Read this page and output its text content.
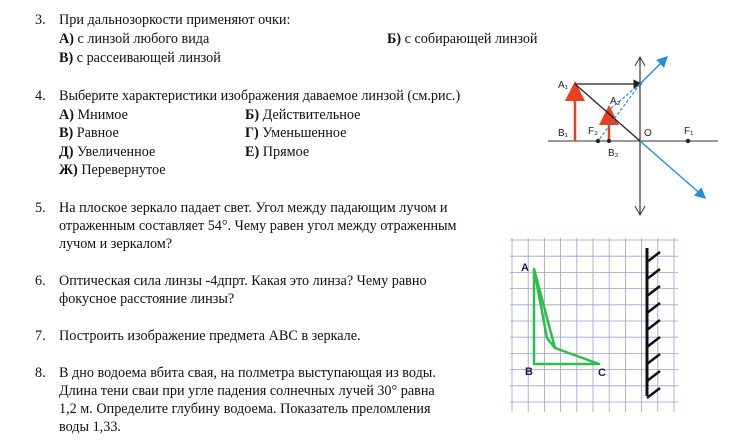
3. При дальнозоркости применяют очки:
А) с линзой любого вида	Б) с собирающей линзой
В) с рассеивающей линзой
4. Выберите характеристики изображения даваемое линзой (см.рис.)
А) Мнимое	Б) Действительное
В) Равное	Г) Уменьшенное
Д) Увеличенное	Е) Прямое
Ж) Перевернутое
5. На плоское зеркало падает свет. Угол между падающим лучом и
отраженным составляет 54°. Чему равен угол между отраженным
лучом и зеркалом?
6. Оптическая сила линзы -4дпрт. Какая это линза? Чему равно
фокусное расстояние линзы?
7. Построить изображение предмета АВС в зеркале.
8. В дно водоема вбита свая, на полметра выступающая из воды.
Длина тени сваи при угле падения солнечных лучей 30° равна
1,2 м. Определите глубину водоема. Показатель преломления
воды 1,33.
A₁
A₂
B₁ F₂	O	F₁
B₂
A
B	C
